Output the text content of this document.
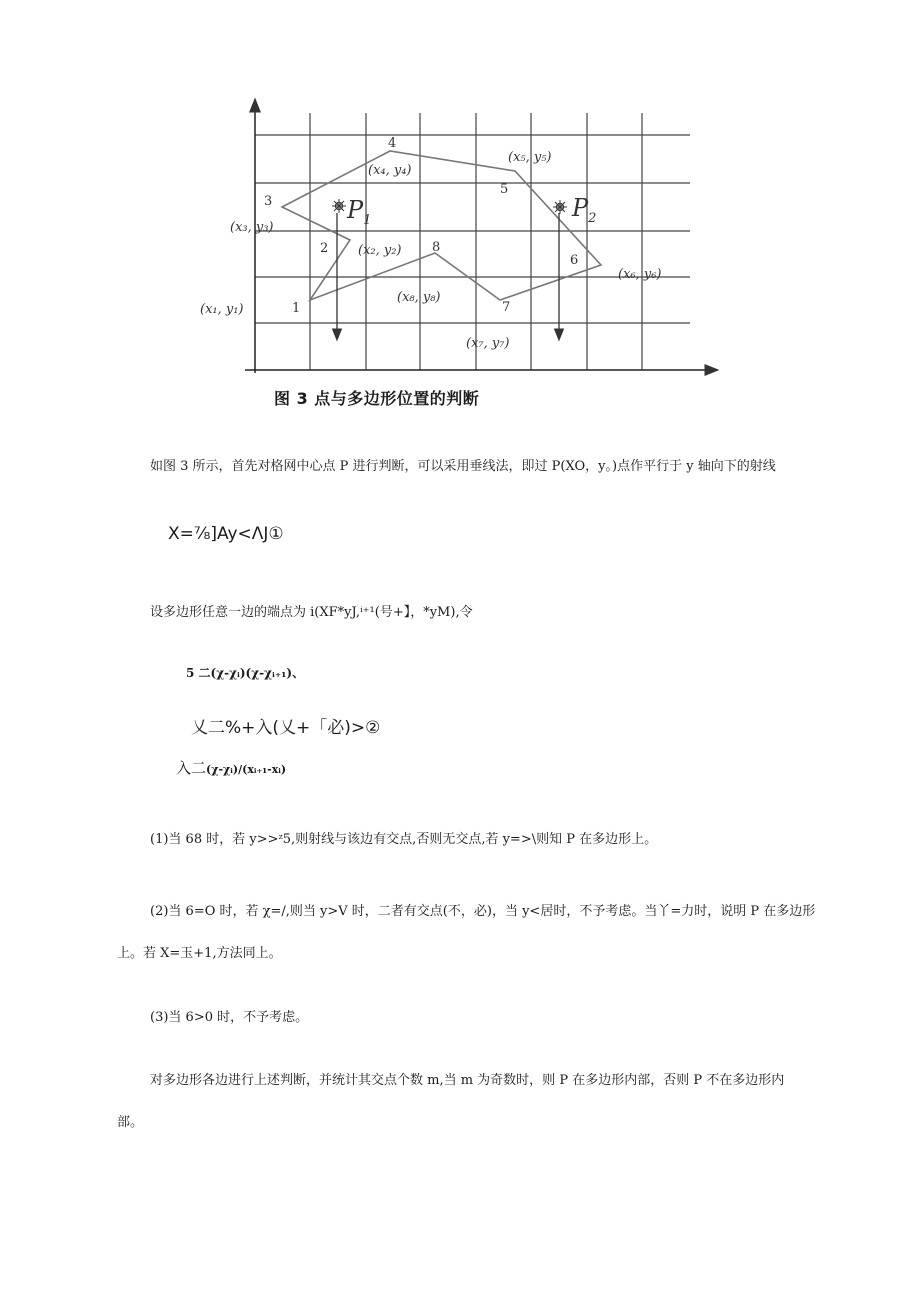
$P_1$	$P_2$
1
2
3
4
5
6
7
8
(x₁, y₁)
(x₂, y₂)
(x₃, y₃)
(x₄, y₄)
(x₅, y₅)
(x₆, y₆)
(x₇, y₇)
(x₈, y₈)
图 3 点与多边形位置的判断
如图 3 所示，首先对格网中心点 P 进行判断，可以采用垂线法，即过 P(XO，y。)点作平行于 y 轴向下的射线
X=⅞]Ay<ΛJ①
设多边形任意一边的端点为 i(XF*yJ,ⁱ⁺¹(号+】，*yM),令
5 二(χ-χᵢ)(χ-χᵢ₊₁)、
乂二%+入(乂+「必)>②
入二(χ-χᵢ)/(xᵢ₊₁-xᵢ)
(1)当 68 时，若 y>>ᶻ5,则射线与该边有交点,否则无交点,若 y=>\则知 P 在多边形上。
(2)当 6=O 时，若 χ=/,则当 y>V 时，二者有交点(不，必)，当 y<居时，不予考虑。当丫=力时，说明 P 在多边形
上。若 X=玉+1,方法同上。
(3)当 6>0 时，不予考虑。
对多边形各边进行上述判断，并统计其交点个数 m,当 m 为奇数时，则 P 在多边形内部，否则 P 不在多边形内
部。
